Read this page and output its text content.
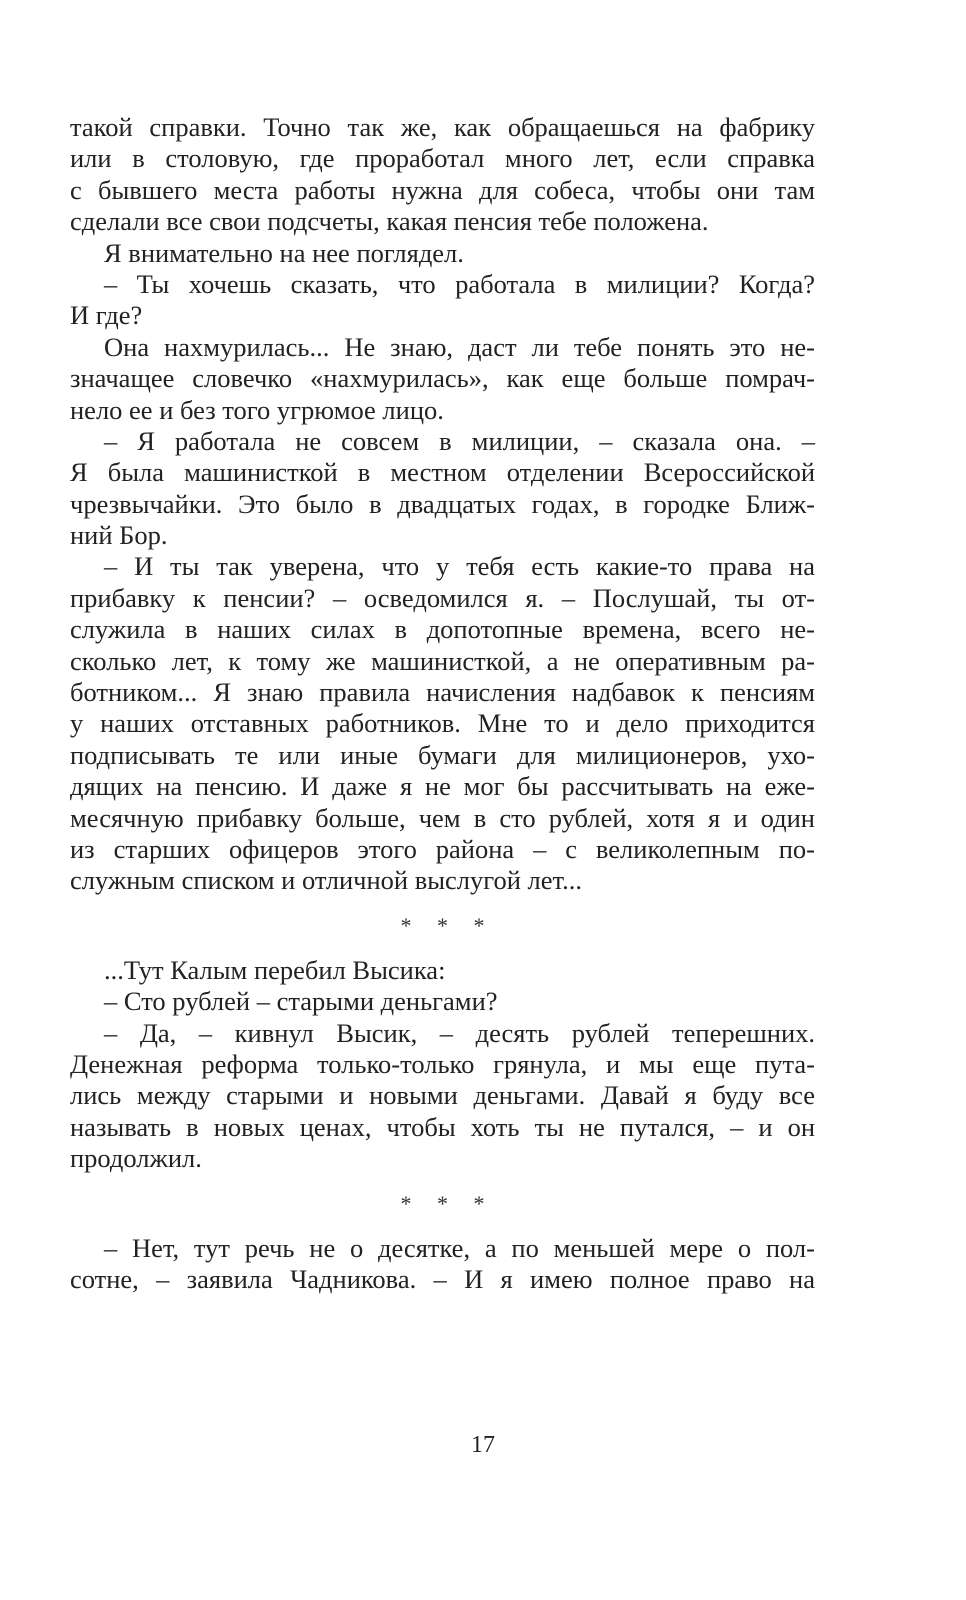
такой справки. Точно так же, как обращаешься на фабрику
или в столовую, где проработал много лет, если справка
с бывшего места работы нужна для собеса, чтобы они там
сделали все свои подсчеты, какая пенсия тебе положена.
Я внимательно на нее поглядел.
– Ты хочешь сказать, что работала в милиции? Когда?
И где?
Она нахмурилась... Не знаю, даст ли тебе понять это не-
значащее словечко «нахмурилась», как еще больше помрач-
нело ее и без того угрюмое лицо.
– Я работала не совсем в милиции, – сказала она. –
Я была машинисткой в местном отделении Всероссийской
чрезвычайки. Это было в двадцатых годах, в городке Ближ-
ний Бор.
– И ты так уверена, что у тебя есть какие-то права на
прибавку к пенсии? – осведомился я. – Послушай, ты от-
служила в наших силах в допотопные времена, всего не-
сколько лет, к тому же машинисткой, а не оперативным ра-
ботником... Я знаю правила начисления надбавок к пенсиям
у наших отставных работников. Мне то и дело приходится
подписывать те или иные бумаги для милиционеров, ухо-
дящих на пенсию. И даже я не мог бы рассчитывать на еже-
месячную прибавку больше, чем в сто рублей, хотя я и один
из старших офицеров этого района – с великолепным по-
служным списком и отличной выслугой лет...
* * *
...Тут Калым перебил Высика:
– Сто рублей – старыми деньгами?
– Да, – кивнул Высик, – десять рублей теперешних.
Денежная реформа только-только грянула, и мы еще пута-
лись между старыми и новыми деньгами. Давай я буду все
называть в новых ценах, чтобы хоть ты не путался, – и он
продолжил.
* * *
– Нет, тут речь не о десятке, а по меньшей мере о пол-
сотне, – заявила Чадникова. – И я имею полное право на
17
